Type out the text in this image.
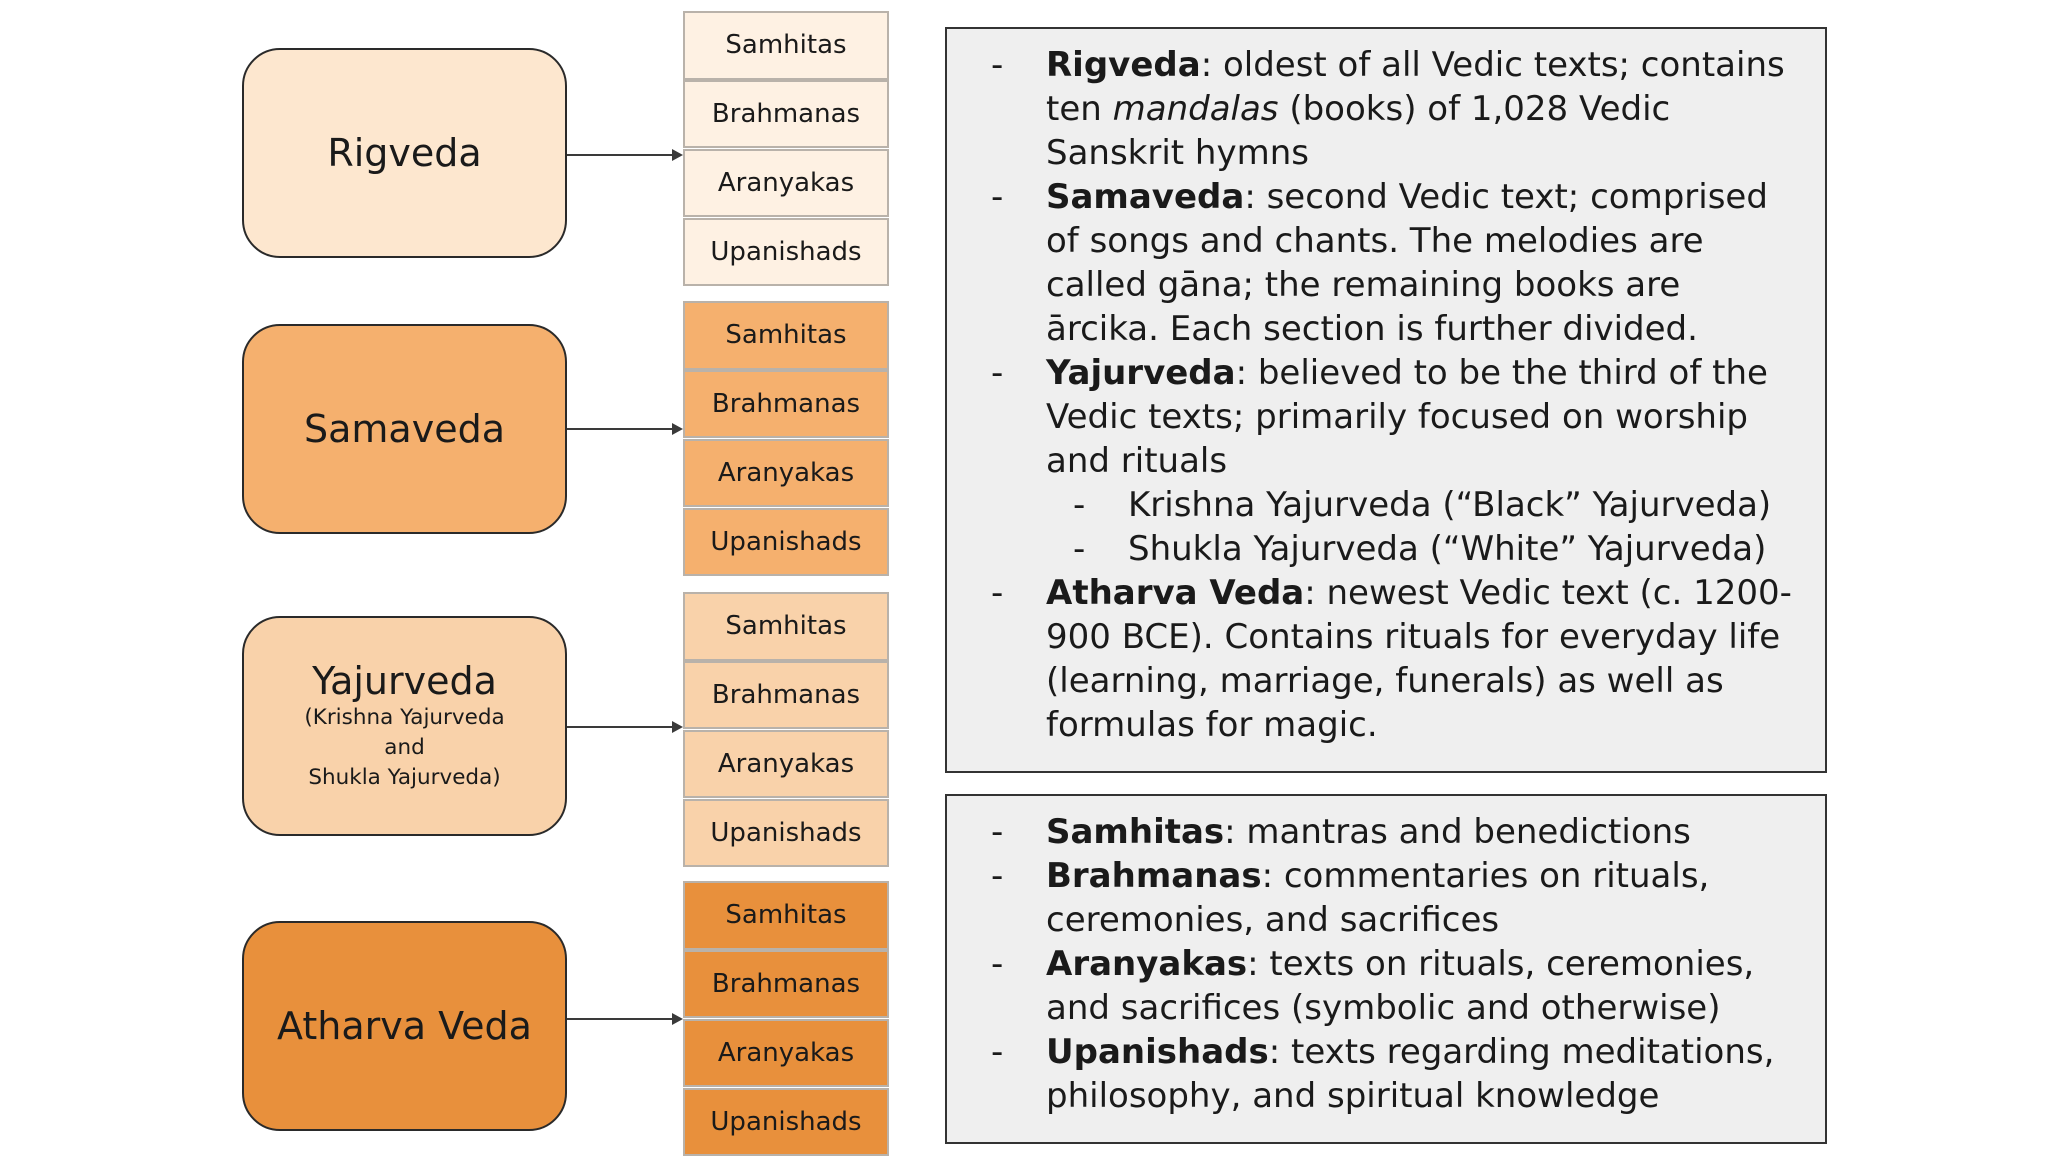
Rigveda
Samaveda
Yajurveda
(Krishna Yajurveda
and
Shukla Yajurveda)
Atharva Veda
Samhitas
Brahmanas
Aranyakas
Upanishads
Samhitas
Brahmanas
Aranyakas
Upanishads
Samhitas
Brahmanas
Aranyakas
Upanishads
Samhitas
Brahmanas
Aranyakas
Upanishads
- Rigveda: oldest of all Vedic texts; contains ten mandalas (books) of 1,028 Vedic Sanskrit hymns
- Samaveda: second Vedic text; comprised of songs and chants. The melodies are called gāna; the remaining books are ārcika. Each section is further divided.
- Yajurveda: believed to be the third of the Vedic texts; primarily focused on worship and rituals
- Krishna Yajurveda (“Black” Yajurveda)
- Shukla Yajurveda (“White” Yajurveda)
- Atharva Veda: newest Vedic text (c. 1200-900 BCE). Contains rituals for everyday life (learning, marriage, funerals) as well as formulas for magic.
- Samhitas: mantras and benedictions
- Brahmanas: commentaries on rituals, ceremonies, and sacrifices
- Aranyakas: texts on rituals, ceremonies, and sacrifices (symbolic and otherwise)
- Upanishads: texts regarding meditations, philosophy, and spiritual knowledge
